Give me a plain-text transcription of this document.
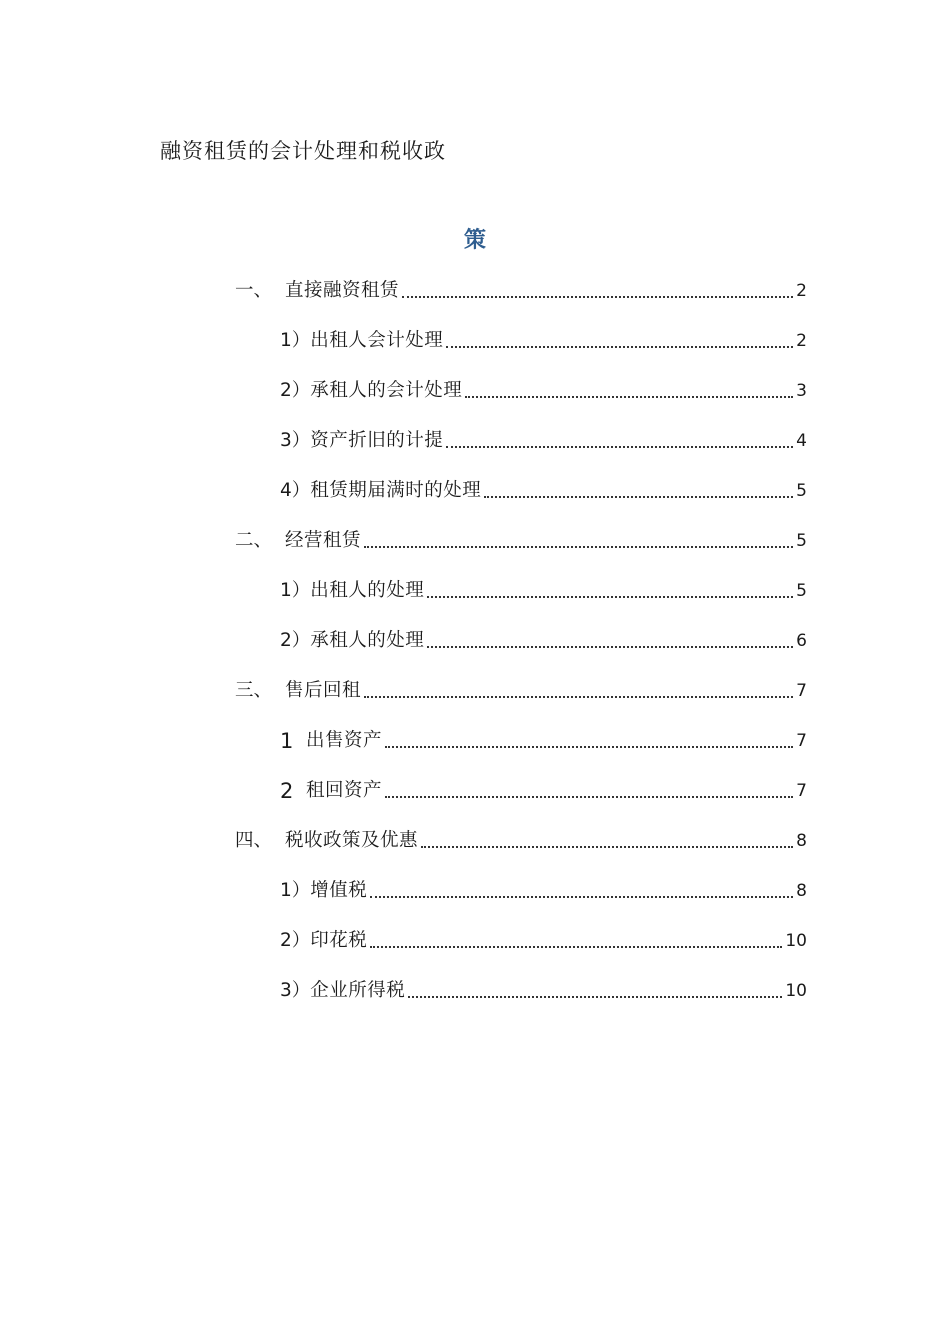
融资租赁的会计处理和税收政
策
一、 直接融资租赁	2
1） 出租人会计处理	2
2） 承租人的会计处理	3
3） 资产折旧的计提	4
4） 租赁期届满时的处理	5
二、 经营租赁	5
1） 出租人的处理	5
2） 承租人的处理	6
三、 售后回租	7
1 出售资产	7
2 租回资产	7
四、 税收政策及优惠	8
1） 增值税	8
2） 印花税	10
3） 企业所得税	10
